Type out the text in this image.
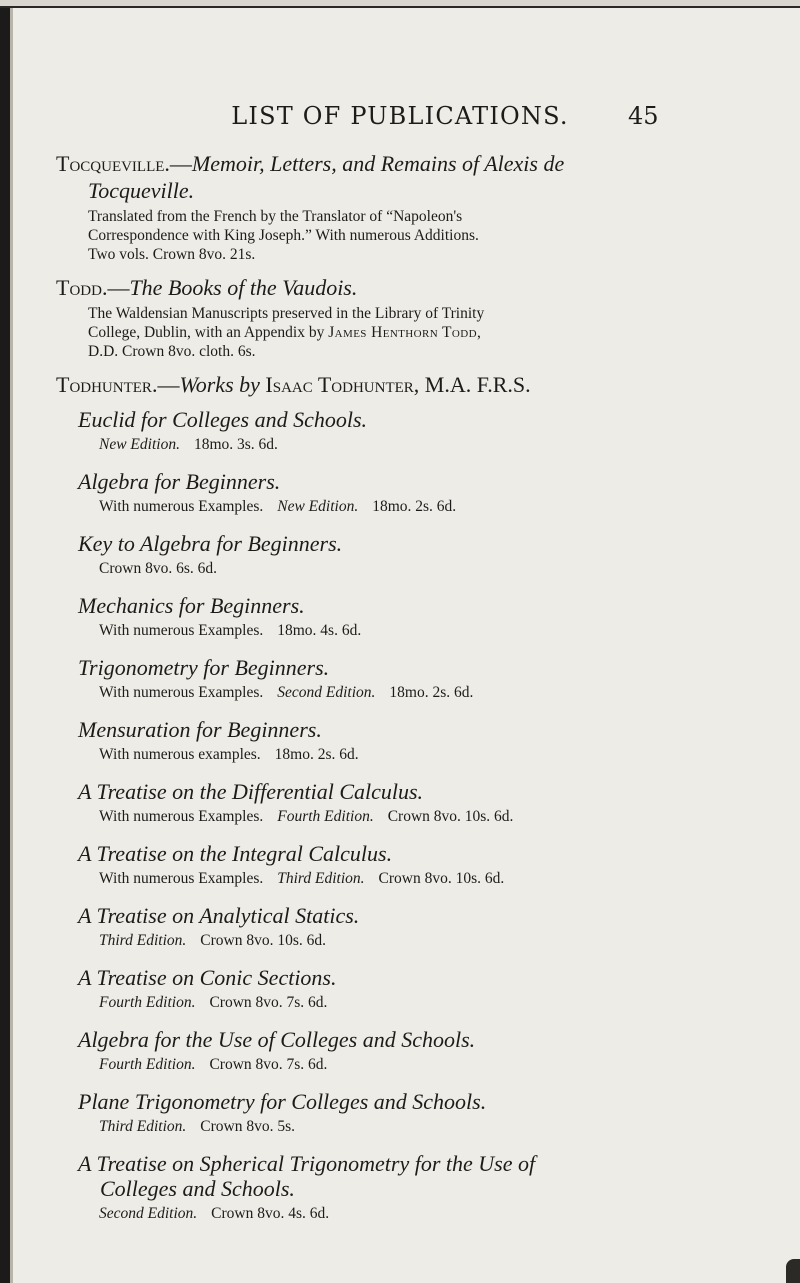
LIST OF PUBLICATIONS.	45
Tocqueville.—Memoir, Letters, and Remains of Alexis de
Tocqueville.
Translated from the French by the Translator of “Napoleon's
Correspondence with King Joseph.” With numerous Additions.
Two vols. Crown 8vo. 21s.
Todd.—The Books of the Vaudois.
The Waldensian Manuscripts preserved in the Library of Trinity
College, Dublin, with an Appendix by James Henthorn Todd,
D.D. Crown 8vo. cloth. 6s.
Todhunter.—Works by Isaac Todhunter, M.A. F.R.S.
Euclid for Colleges and Schools.
New Edition. 18mo. 3s. 6d.
Algebra for Beginners.
With numerous Examples. New Edition. 18mo. 2s. 6d.
Key to Algebra for Beginners.
Crown 8vo. 6s. 6d.
Mechanics for Beginners.
With numerous Examples. 18mo. 4s. 6d.
Trigonometry for Beginners.
With numerous Examples. Second Edition. 18mo. 2s. 6d.
Mensuration for Beginners.
With numerous examples. 18mo. 2s. 6d.
A Treatise on the Differential Calculus.
With numerous Examples. Fourth Edition. Crown 8vo. 10s. 6d.
A Treatise on the Integral Calculus.
With numerous Examples. Third Edition. Crown 8vo. 10s. 6d.
A Treatise on Analytical Statics.
Third Edition. Crown 8vo. 10s. 6d.
A Treatise on Conic Sections.
Fourth Edition. Crown 8vo. 7s. 6d.
Algebra for the Use of Colleges and Schools.
Fourth Edition. Crown 8vo. 7s. 6d.
Plane Trigonometry for Colleges and Schools.
Third Edition. Crown 8vo. 5s.
A Treatise on Spherical Trigonometry for the Use of
Colleges and Schools.
Second Edition. Crown 8vo. 4s. 6d.
